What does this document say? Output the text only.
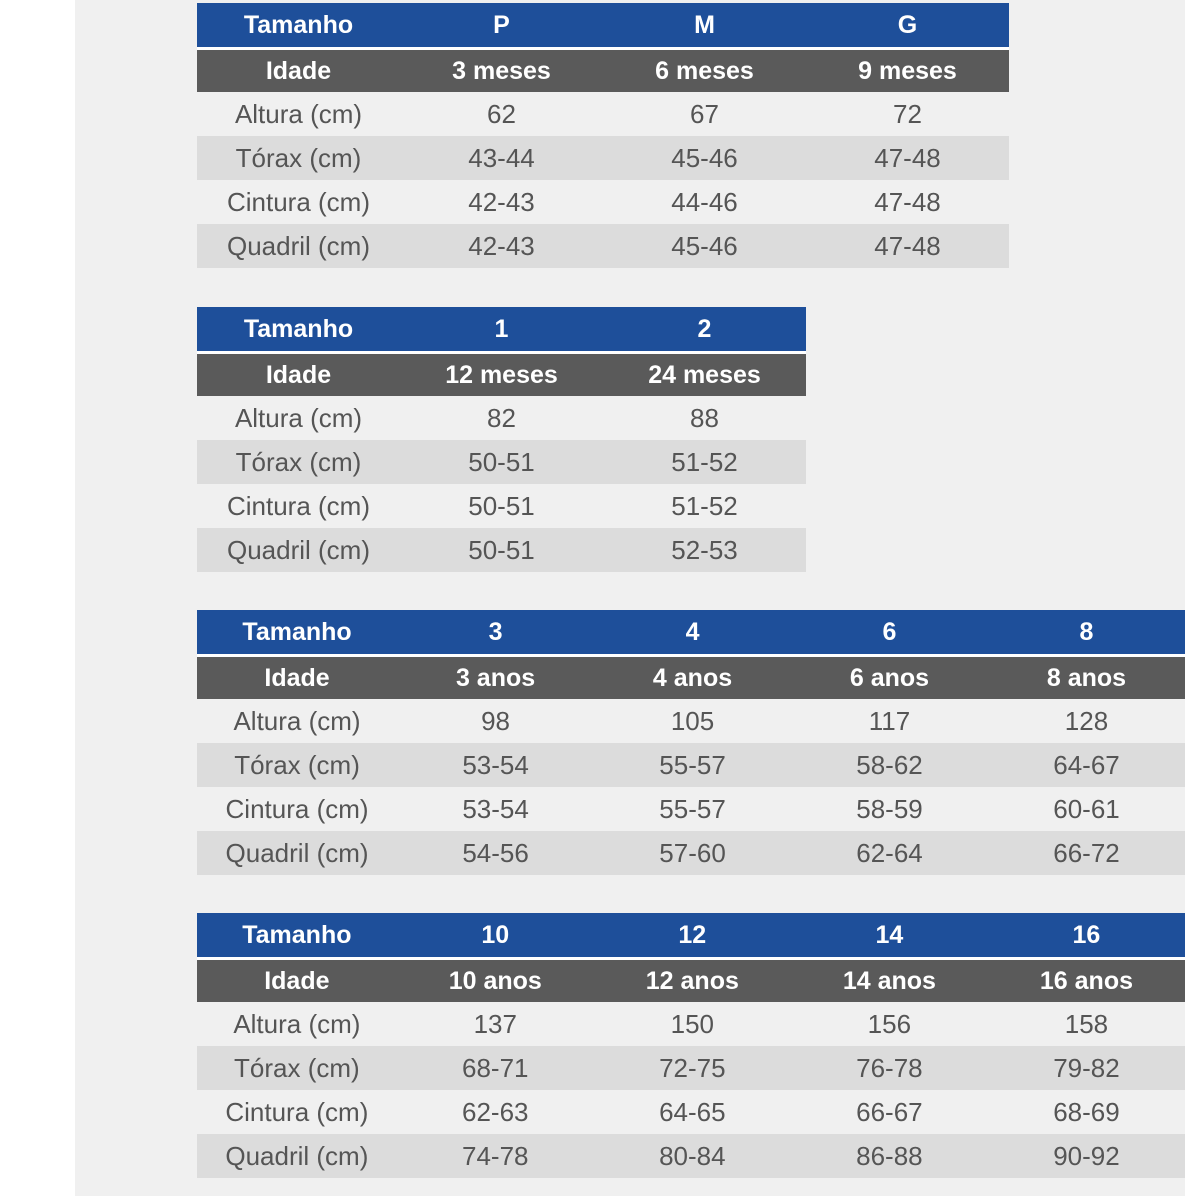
Tamanho	P	M	G
Idade	3 meses	6 meses	9 meses
Altura (cm)	62	67	72
Tórax (cm)	43-44	45-46	47-48
Cintura (cm)	42-43	44-46	47-48
Quadril (cm)	42-43	45-46	47-48
Tamanho	1	2
Idade	12 meses	24 meses
Altura (cm)	82	88
Tórax (cm)	50-51	51-52
Cintura (cm)	50-51	51-52
Quadril (cm)	50-51	52-53
Tamanho	3	4	6	8
Idade	3 anos	4 anos	6 anos	8 anos
Altura (cm)	98	105	117	128
Tórax (cm)	53-54	55-57	58-62	64-67
Cintura (cm)	53-54	55-57	58-59	60-61
Quadril (cm)	54-56	57-60	62-64	66-72
Tamanho	10	12	14	16
Idade	10 anos	12 anos	14 anos	16 anos
Altura (cm)	137	150	156	158
Tórax (cm)	68-71	72-75	76-78	79-82
Cintura (cm)	62-63	64-65	66-67	68-69
Quadril (cm)	74-78	80-84	86-88	90-92
